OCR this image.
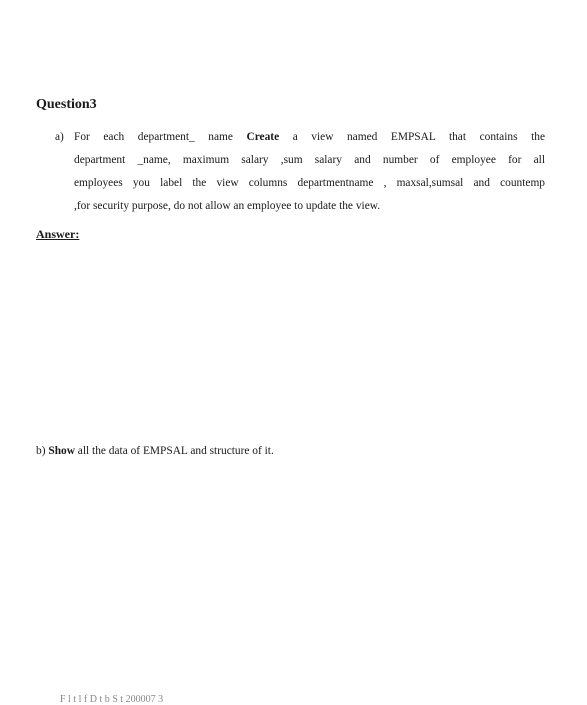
Question3
a) For each department_ name Create a view named EMPSAL that contains the
department _name, maximum salary ,sum salary and number of employee for all
employees you label the view columns departmentname , maxsal,sumsal and countemp
,for security purpose, do not allow an employee to update the view.

Answer:

b) Show all the data of EMPSAL and structure of it.
F l t l f D t b S t 200007 3
